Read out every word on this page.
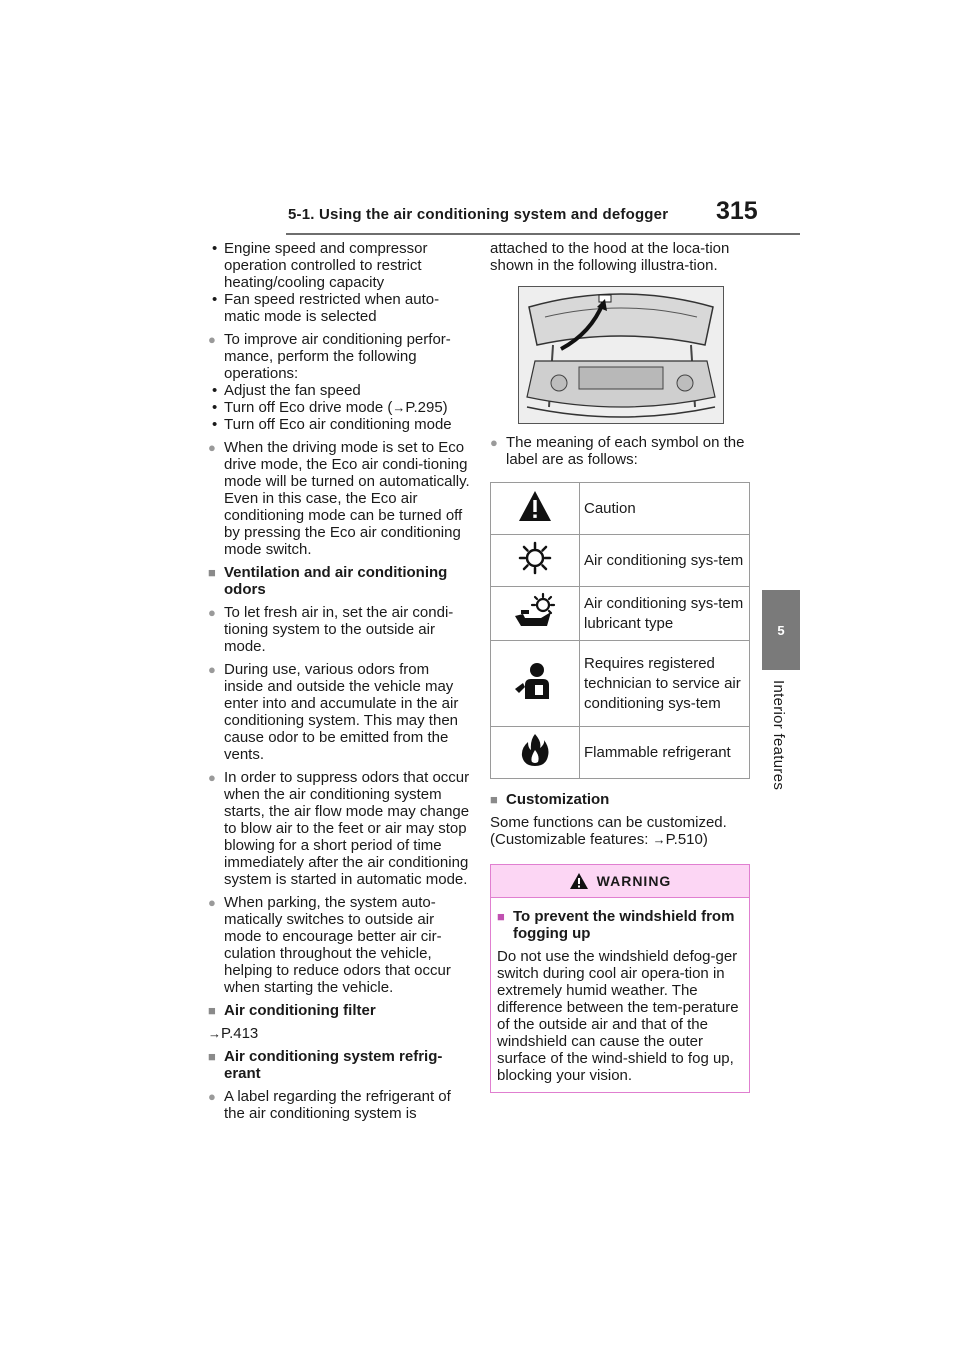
5-1. Using the air conditioning system and defogger	315
5
Interior features
• Engine speed and compressor operation controlled to restrict heating/cooling capacity
• Fan speed restricted when auto-matic mode is selected
● To improve air conditioning perfor-mance, perform the following operations:
• Adjust the fan speed
• Turn off Eco drive mode (→P.295)
• Turn off Eco air conditioning mode
● When the driving mode is set to Eco drive mode, the Eco air condi-tioning mode will be turned on automatically. Even in this case, the Eco air conditioning mode can be turned off by pressing the Eco air conditioning mode switch.
■ Ventilation and air conditioning odors
● To let fresh air in, set the air condi-tioning system to the outside air mode.
● During use, various odors from inside and outside the vehicle may enter into and accumulate in the air conditioning system. This may then cause odor to be emitted from the vents.
● In order to suppress odors that occur when the air conditioning system starts, the air flow mode may change to blow air to the feet or air may stop blowing for a short period of time immediately after the air conditioning system is started in automatic mode.
● When parking, the system auto-matically switches to outside air mode to encourage better air cir-culation throughout the vehicle, helping to reduce odors that occur when starting the vehicle.
■ Air conditioning filter
→P.413
■ Air conditioning system refrig-erant
● A label regarding the refrigerant of the air conditioning system is
attached to the hood at the loca-tion shown in the following illustra-tion.
● The meaning of each symbol on the label are as follows:
	Caution
	Air conditioning sys-tem
	Air conditioning sys-tem lubricant type
	Requires registered technician to service air conditioning sys-tem
	Flammable refrigerant
■ Customization
Some functions can be customized.
(Customizable features: →P.510)
WARNING
■ To prevent the windshield from fogging up
Do not use the windshield defog-ger switch during cool air opera-tion in extremely humid weather. The difference between the tem-perature of the outside air and that of the windshield can cause the outer surface of the wind-shield to fog up, blocking your vision.
